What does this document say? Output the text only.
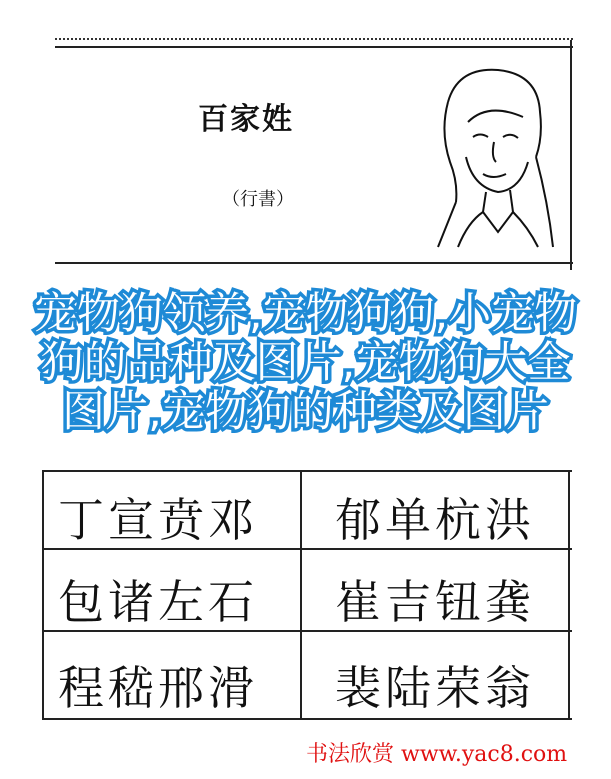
百家姓
（行書）
丁宣贲邓 郁单杭洪
包诸左石 崔吉钮龚
程嵇邢滑 裴陆荣翁
宠物狗领养,宠物狗狗,小宠物狗的品种及图片,宠物狗大全图片,宠物狗的种类及图片
书法欣赏 www.yac8.com
